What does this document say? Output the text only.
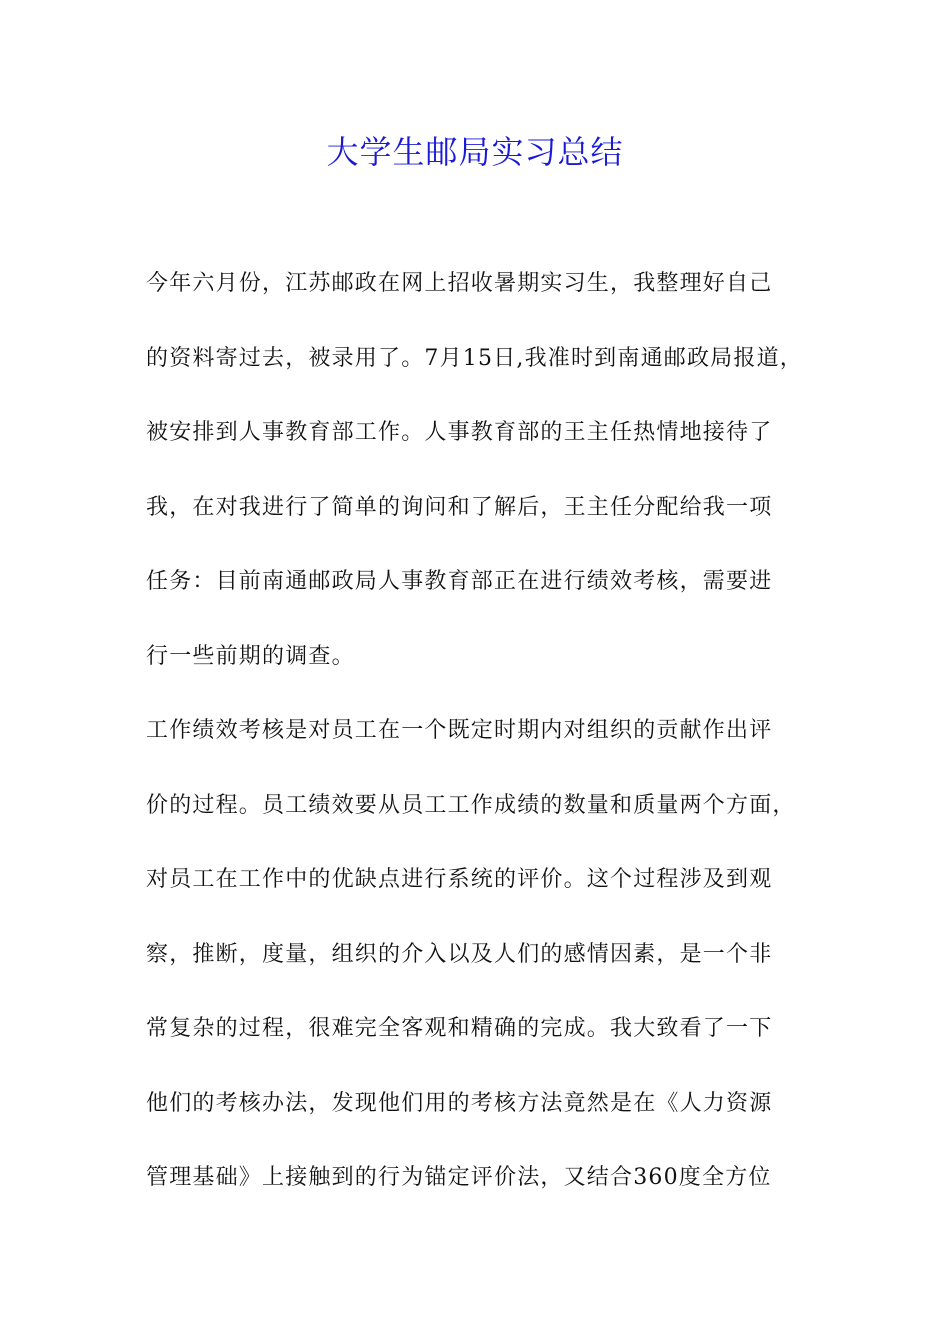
大学生邮局实习总结
今年六月份，江苏邮政在网上招收暑期实习生，我整理好自己
的资料寄过去，被录用了。7月15日,我准时到南通邮政局报道，
被安排到人事教育部工作。人事教育部的王主任热情地接待了
我，在对我进行了简单的询问和了解后，王主任分配给我一项
任务：目前南通邮政局人事教育部正在进行绩效考核，需要进
行一些前期的调查。
工作绩效考核是对员工在一个既定时期内对组织的贡献作出评
价的过程。员工绩效要从员工工作成绩的数量和质量两个方面，
对员工在工作中的优缺点进行系统的评价。这个过程涉及到观
察，推断，度量，组织的介入以及人们的感情因素，是一个非
常复杂的过程，很难完全客观和精确的完成。我大致看了一下
他们的考核办法，发现他们用的考核方法竟然是在《人力资源
管理基础》上接触到的行为锚定评价法，又结合360度全方位
